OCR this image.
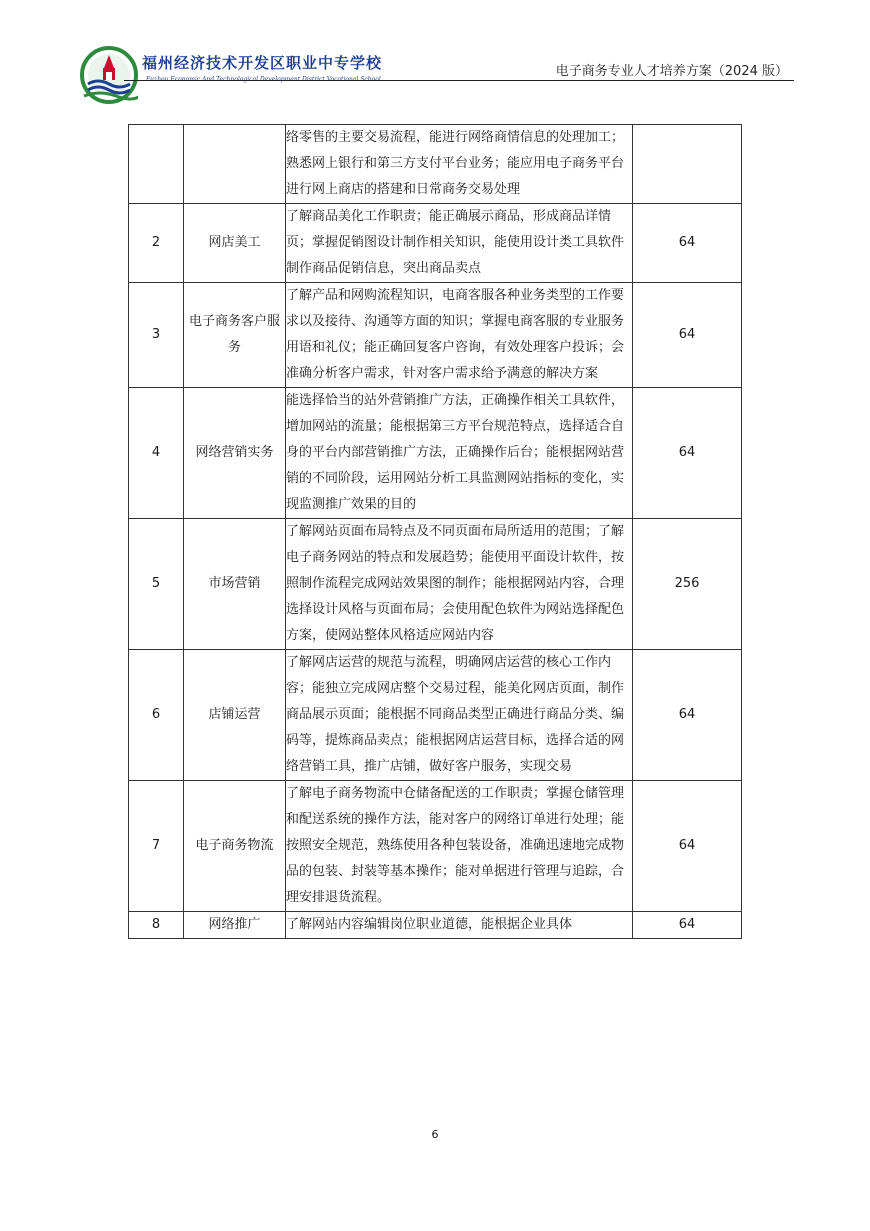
福州经济技术开发区职业中专学校	电子商务专业人才培养方案（2024 版）
		络零售的主要交易流程，能进行网络商情信息的处理加工；熟悉网上银行和第三方支付平台业务；能应用电子商务平台进行网上商店的搭建和日常商务交易处理	
2	网店美工	了解商品美化工作职责；能正确展示商品，形成商品详情页；掌握促销图设计制作相关知识，能使用设计类工具软件制作商品促销信息，突出商品卖点	64
3	电子商务客户服务	了解产品和网购流程知识，电商客服各种业务类型的工作要求以及接待、沟通等方面的知识；掌握电商客服的专业服务用语和礼仪；能正确回复客户咨询，有效处理客户投诉；会准确分析客户需求，针对客户需求给予满意的解决方案	64
4	网络营销实务	能选择恰当的站外营销推广方法，正确操作相关工具软件，增加网站的流量；能根据第三方平台规范特点，选择适合自身的平台内部营销推广方法，正确操作后台；能根据网站营销的不同阶段，运用网站分析工具监测网站指标的变化，实现监测推广效果的目的	64
5	市场营销	了解网站页面布局特点及不同页面布局所适用的范围；了解电子商务网站的特点和发展趋势；能使用平面设计软件，按照制作流程完成网站效果图的制作；能根据网站内容，合理选择设计风格与页面布局；会使用配色软件为网站选择配色方案，使网站整体风格适应网站内容	256
6	店铺运营	了解网店运营的规范与流程，明确网店运营的核心工作内容；能独立完成网店整个交易过程，能美化网店页面，制作商品展示页面；能根据不同商品类型正确进行商品分类、编码等，提炼商品卖点；能根据网店运营目标，选择合适的网络营销工具，推广店铺，做好客户服务，实现交易	64
7	电子商务物流	了解电子商务物流中仓储备配送的工作职责；掌握仓储管理和配送系统的操作方法，能对客户的网络订单进行处理；能按照安全规范，熟练使用各种包装设备，准确迅速地完成物品的包装、封装等基本操作；能对单据进行管理与追踪，合理安排退货流程。	64
8	网络推广	了解网站内容编辑岗位职业道德，能根据企业具体	64
6
